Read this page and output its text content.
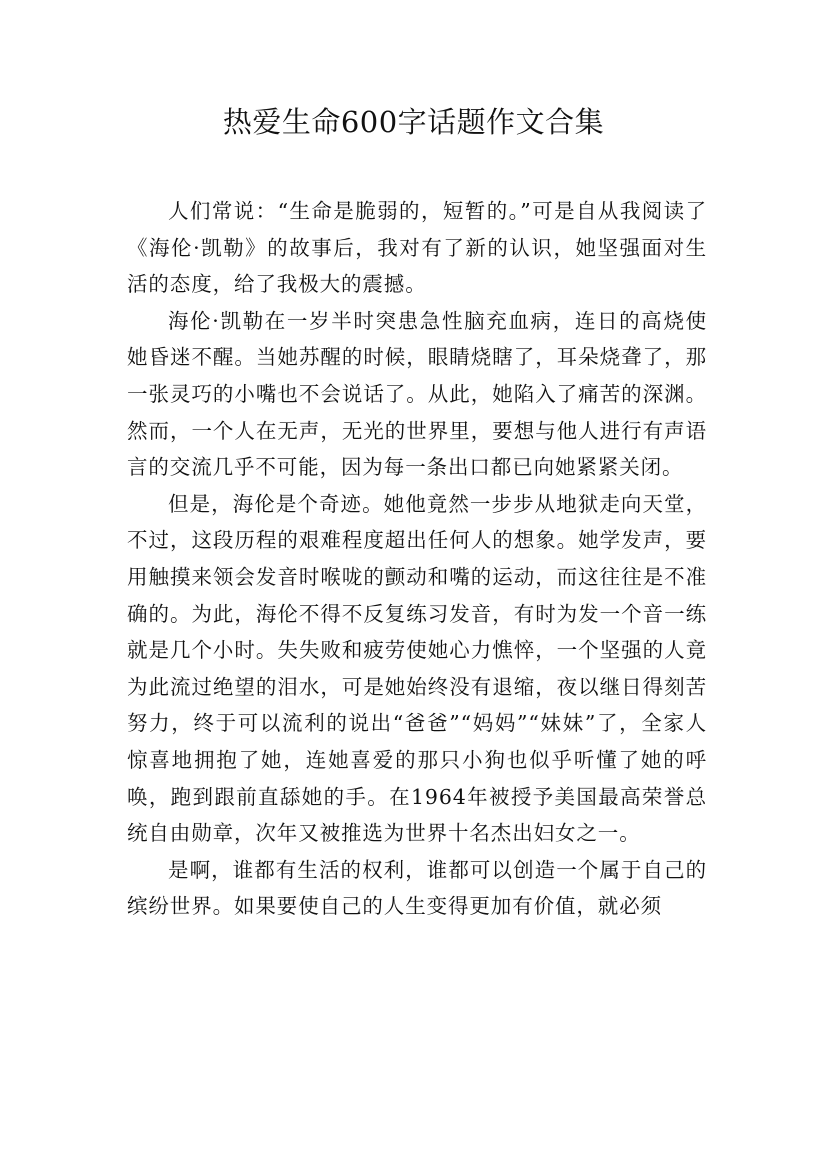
热爱生命600字话题作文合集

人们常说：“生命是脆弱的，短暂的。”可是自从我阅读了《海伦·凯勒》的故事后，我对有了新的认识，她坚强面对生活的态度，给了我极大的震撼。

海伦·凯勒在一岁半时突患急性脑充血病，连日的高烧使她昏迷不醒。当她苏醒的时候，眼睛烧瞎了，耳朵烧聋了，那一张灵巧的小嘴也不会说话了。从此，她陷入了痛苦的深渊。然而，一个人在无声，无光的世界里，要想与他人进行有声语言的交流几乎不可能，因为每一条出口都已向她紧紧关闭。

但是，海伦是个奇迹。她他竟然一步步从地狱走向天堂，不过，这段历程的艰难程度超出任何人的想象。她学发声，要用触摸来领会发音时喉咙的颤动和嘴的运动，而这往往是不准确的。为此，海伦不得不反复练习发音，有时为发一个音一练就是几个小时。失失败和疲劳使她心力憔悴，一个坚强的人竟为此流过绝望的泪水，可是她始终没有退缩，夜以继日得刻苦努力，终于可以流利的说出“爸爸”“妈妈”“妹妹”了，全家人惊喜地拥抱了她，连她喜爱的那只小狗也似乎听懂了她的呼唤，跑到跟前直舔她的手。在1964年被授予美国最高荣誉总统自由勋章，次年又被推选为世界十名杰出妇女之一。

是啊，谁都有生活的权利，谁都可以创造一个属于自己的缤纷世界。如果要使自己的人生变得更加有价值，就必须
